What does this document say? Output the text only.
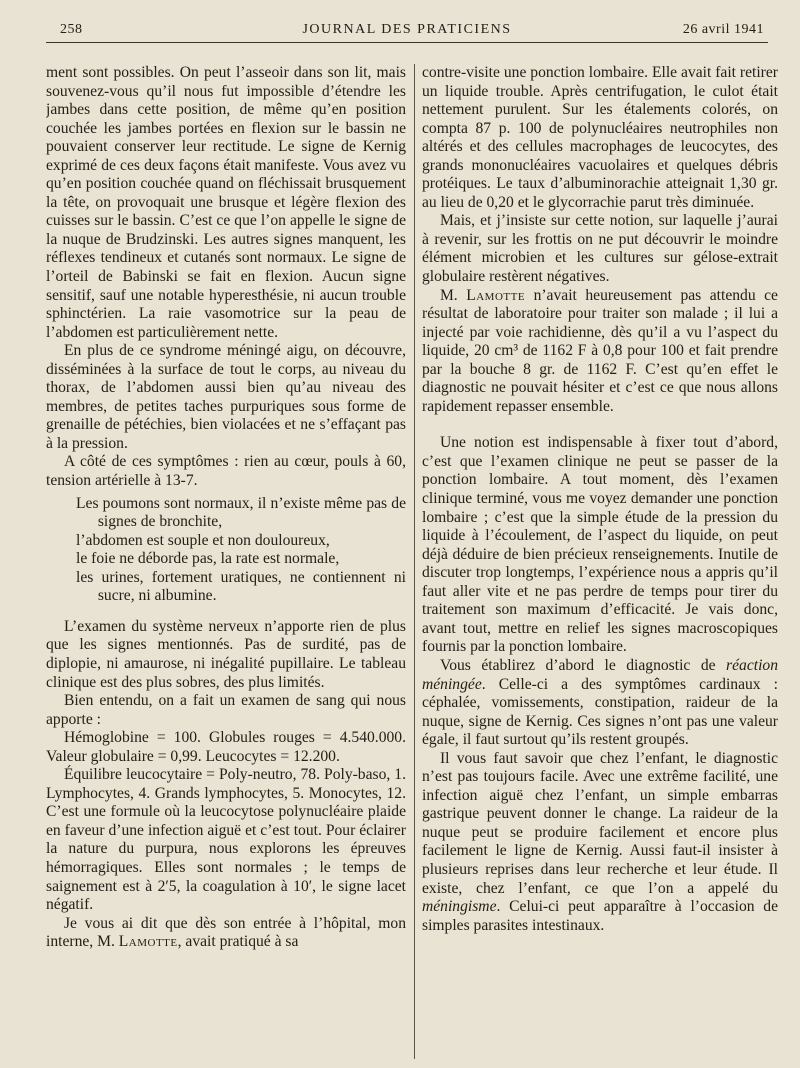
258	JOURNAL DES PRATICIENS	26 avril 1941

ment sont possibles. On peut l’asseoir dans son lit, mais souvenez-vous qu’il nous fut impossible d’étendre les jambes dans cette position, de même qu’en position couchée les jambes portées en flexion sur le bassin ne pouvaient conserver leur rectitude. Le signe de Kernig exprimé de ces deux façons était manifeste. Vous avez vu qu’en position couchée quand on fléchissait brusquement la tête, on provoquait une brusque et légère flexion des cuisses sur le bassin. C’est ce que l’on appelle le signe de la nuque de Brudzinski. Les autres signes manquent, les réflexes tendineux et cutanés sont normaux. Le signe de l’orteil de Babinski se fait en flexion. Aucun signe sensitif, sauf une notable hyperesthésie, ni aucun trouble sphinctérien. La raie vasomotrice sur la peau de l’abdomen est particulièrement nette.

En plus de ce syndrome méningé aigu, on découvre, disséminées à la surface de tout le corps, au niveau du thorax, de l’abdomen aussi bien qu’au niveau des membres, de petites taches purpuriques sous forme de grenaille de pétéchies, bien violacées et ne s’effaçant pas à la pression.

A côté de ces symptômes : rien au cœur, pouls à 60, tension artérielle à 13-7.

Les poumons sont normaux, il n’existe même pas de signes de bronchite,

l’abdomen est souple et non douloureux,

le foie ne déborde pas, la rate est normale,

les urines, fortement uratiques, ne contiennent ni sucre, ni albumine.

L’examen du système nerveux n’apporte rien de plus que les signes mentionnés. Pas de surdité, pas de diplopie, ni amaurose, ni inégalité pupillaire. Le tableau clinique est des plus sobres, des plus limités.

Bien entendu, on a fait un examen de sang qui nous apporte :

Hémoglobine = 100. Globules rouges = 4.540.000. Valeur globulaire = 0,99. Leucocytes = 12.200.

Équilibre leucocytaire = Poly-neutro, 78. Poly-baso, 1. Lymphocytes, 4. Grands lymphocytes, 5. Monocytes, 12. C’est une formule où la leucocytose polynucléaire plaide en faveur d’une infection aiguë et c’est tout. Pour éclairer la nature du purpura, nous explorons les épreuves hémorragiques. Elles sont normales ; le temps de saignement est à 2′5, la coagulation à 10′, le signe lacet négatif.

Je vous ai dit que dès son entrée à l’hôpital, mon interne, M. Lamotte, avait pratiqué à sa

contre-visite une ponction lombaire. Elle avait fait retirer un liquide trouble. Après centrifugation, le culot était nettement purulent. Sur les étalements colorés, on compta 87 p. 100 de polynucléaires neutrophiles non altérés et des cellules macrophages de leucocytes, des grands mononucléaires vacuolaires et quelques débris protéiques. Le taux d’albuminorachie atteignait 1,30 gr. au lieu de 0,20 et le glycorrachie parut très diminuée.

Mais, et j’insiste sur cette notion, sur laquelle j’aurai à revenir, sur les frottis on ne put découvrir le moindre élément microbien et les cultures sur gélose-extrait globulaire restèrent négatives.

M. Lamotte n’avait heureusement pas attendu ce résultat de laboratoire pour traiter son malade ; il lui a injecté par voie rachidienne, dès qu’il a vu l’aspect du liquide, 20 cm³ de 1162 F à 0,8 pour 100 et fait prendre par la bouche 8 gr. de 1162 F. C’est qu’en effet le diagnostic ne pouvait hésiter et c’est ce que nous allons rapidement repasser ensemble.

Une notion est indispensable à fixer tout d’abord, c’est que l’examen clinique ne peut se passer de la ponction lombaire. A tout moment, dès l’examen clinique terminé, vous me voyez demander une ponction lombaire ; c’est que la simple étude de la pression du liquide à l’écoulement, de l’aspect du liquide, on peut déjà déduire de bien précieux renseignements. Inutile de discuter trop longtemps, l’expérience nous a appris qu’il faut aller vite et ne pas perdre de temps pour tirer du traitement son maximum d’efficacité. Je vais donc, avant tout, mettre en relief les signes macroscopiques fournis par la ponction lombaire.

Vous établirez d’abord le diagnostic de réaction méningée. Celle-ci a des symptômes cardinaux : céphalée, vomissements, constipation, raideur de la nuque, signe de Kernig. Ces signes n’ont pas une valeur égale, il faut surtout qu’ils restent groupés.

Il vous faut savoir que chez l’enfant, le diagnostic n’est pas toujours facile. Avec une extrême facilité, une infection aiguë chez l’enfant, un simple embarras gastrique peuvent donner le change. La raideur de la nuque peut se produire facilement et encore plus facilement le ligne de Kernig. Aussi faut-il insister à plusieurs reprises dans leur recherche et leur étude. Il existe, chez l’enfant, ce que l’on a appelé du méningisme. Celui-ci peut apparaître à l’occasion de simples parasites intestinaux.
